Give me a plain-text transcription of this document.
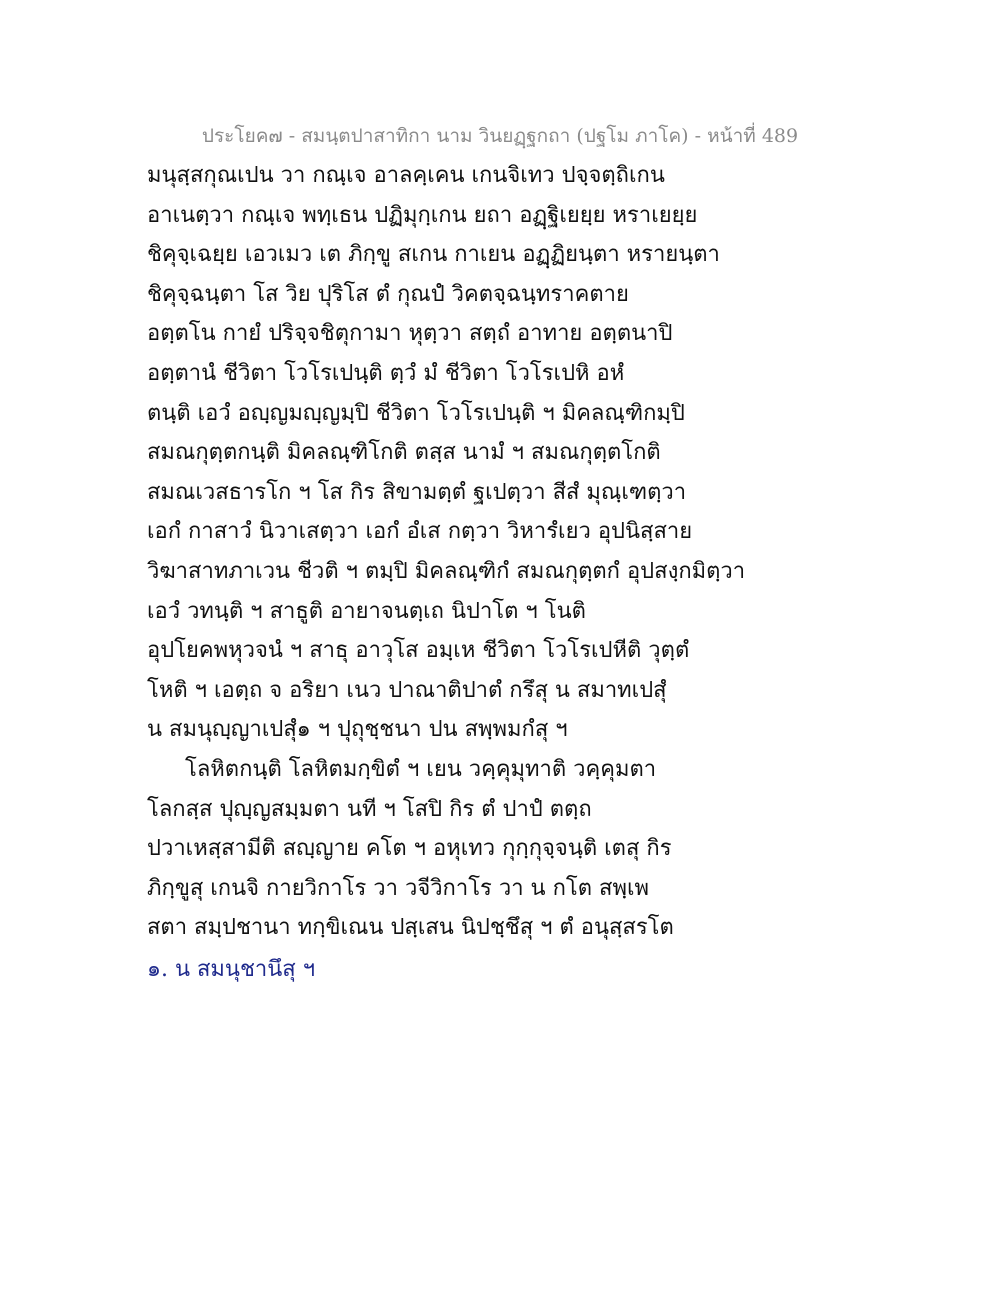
ประโยค๗ - สมนฺตปาสาทิกา นาม วินยฏฺฐกถา (ปฐโม ภาโค) - หน้าที่ 489
มนุสฺสกุณเปน วา กณฺเจ อาลคฺเคน เกนจิเทว ปจฺจตฺถิเกน
อาเนตฺวา กณฺเจ พทฺเธน ปฏิมุกฺเกน ยถา อฏฺฐิเยยฺย หราเยยฺย
ชิคุจฺเฉยฺย เอวเมว เต ภิกฺขู สเกน กาเยน อฏฺฏิยนฺตา หรายนฺตา
ชิคุจฺฉนฺตา โส วิย ปุริโส ตํ กุณปํ วิคตจฺฉนฺทราคตาย
อตฺตโน กายํ ปริจฺจชิตุกามา หุตฺวา สตฺถํ อาทาย อตฺตนาปิ
อตฺตานํ ชีวิตา โวโรเปนฺติ ตฺวํ มํ ชีวิตา โวโรเปหิ อหํ
ตนฺติ เอวํ อญฺญมญฺญมฺปิ ชีวิตา โวโรเปนฺติ ฯ มิคลณฺฑิกมฺปิ
สมณกุตฺตกนฺติ มิคลณฺฑิโกติ ตสฺส นามํ ฯ สมณกุตฺตโกติ
สมณเวสธารโก ฯ โส กิร สิขามตฺตํ ฐเปตฺวา สีสํ มุณฺเฑตฺวา
เอกํ กาสาวํ นิวาเสตฺวา เอกํ อํเส กตฺวา วิหารํเยว อุปนิสฺสาย
วิฆาสาทภาเวน ชีวติ ฯ ตมฺปิ มิคลณฺฑิกํ สมณกุตฺตกํ อุปสงฺกมิตฺวา
เอวํ วทนฺติ ฯ สาธูติ อายาจนตฺเถ นิปาโต ฯ โนติ
อุปโยคพหุวจนํ ฯ สาธุ อาวุโส อมฺเห ชีวิตา โวโรเปหีติ วุตฺตํ
โหติ ฯ เอตฺถ จ อริยา เนว ปาณาติปาตํ กรึสุ น สมาทเปสุํ
น สมนุญฺญาเปสุํ๑ ฯ ปุถุชฺชนา ปน สพฺพมกํสุ ฯ
โลหิตกนฺติ โลหิตมกฺขิตํ ฯ เยน วคฺคุมุทาติ วคฺคุมตา
โลกสฺส ปุญฺญสมฺมตา นที ฯ โสปิ กิร ตํ ปาปํ ตตฺถ
ปวาเหสฺสามีติ สญฺญาย คโต ฯ อหุเทว กุกฺกุจฺจนฺติ เตสุ กิร
ภิกฺขูสุ เกนจิ กายวิกาโร วา วจีวิกาโร วา น กโต สพฺเพ
สตา สมฺปชานา ทกฺขิเณน ปสฺเสน นิปชฺชึสุ ฯ ตํ อนุสฺสรโต
๑. น สมนุชานึสุ ฯ
